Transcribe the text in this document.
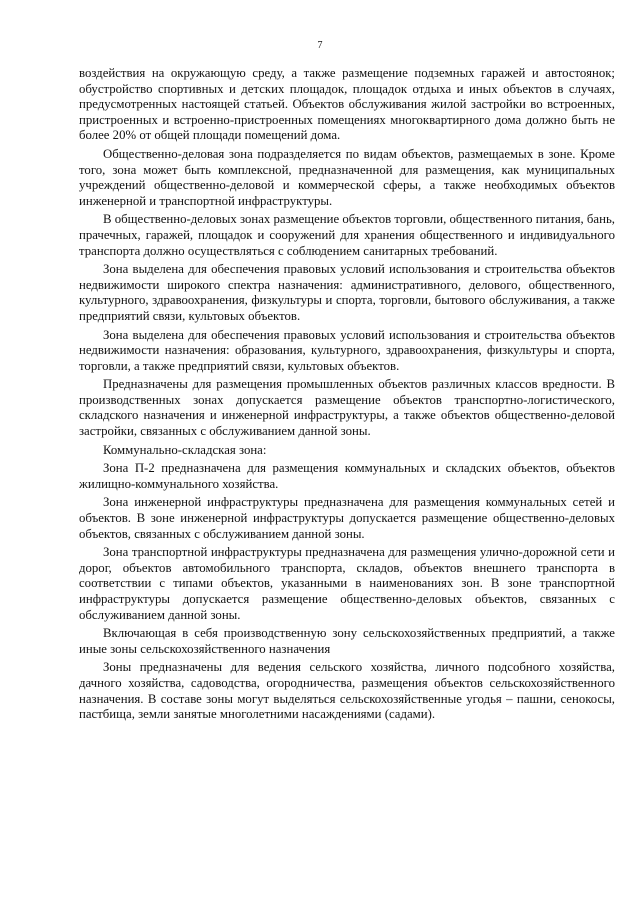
7

воздействия на окружающую среду, а также размещение подземных гаражей и автостоянок; обустройство спортивных и детских площадок, площадок отдыха и иных объектов в случаях, предусмотренных настоящей статьей. Объектов обслуживания жилой застройки во встроенных, пристроенных и встроенно-пристроенных помещениях многоквартирного дома должно быть не более 20% от общей площади помещений дома.

Общественно-деловая зона подразделяется по видам объектов, размещаемых в зоне. Кроме того, зона может быть комплексной, предназначенной для размещения, как муниципальных учреждений общественно-деловой и коммерческой сферы, а также необходимых объектов инженерной и транспортной инфраструктуры.

В общественно-деловых зонах размещение объектов торговли, общественного питания, бань, прачечных, гаражей, площадок и сооружений для хранения общественного и индивидуального транспорта должно осуществляться с соблюдением санитарных требований.

Зона выделена для обеспечения правовых условий использования и строительства объектов недвижимости широкого спектра назначения: административного, делового, общественного, культурного, здравоохранения, физкультуры и спорта, торговли, бытового обслуживания, а также предприятий связи, культовых объектов.

Зона выделена для обеспечения правовых условий использования и строительства объектов недвижимости назначения: образования, культурного, здравоохранения, физкультуры и спорта, торговли, а также предприятий связи, культовых объектов.

Предназначены для размещения промышленных объектов различных классов вредности. В производственных зонах допускается размещение объектов транспортно-логистического, складского назначения и инженерной инфраструктуры, а также объектов общественно-деловой застройки, связанных с обслуживанием данной зоны.

Коммунально-складская зона:

Зона П-2 предназначена для размещения коммунальных и складских объектов, объектов жилищно-коммунального хозяйства.

Зона инженерной инфраструктуры предназначена для размещения коммунальных сетей и объектов. В зоне инженерной инфраструктуры допускается размещение общественно-деловых объектов, связанных с обслуживанием данной зоны.

Зона транспортной инфраструктуры предназначена для размещения улично-дорожной сети и дорог, объектов автомобильного транспорта, складов, объектов внешнего транспорта в соответствии с типами объектов, указанными в наименованиях зон. В зоне транспортной инфраструктуры допускается размещение общественно-деловых объектов, связанных с обслуживанием данной зоны.

Включающая в себя производственную зону сельскохозяйственных предприятий, а также иные зоны сельскохозяйственного назначения

Зоны предназначены для ведения сельского хозяйства, личного подсобного хозяйства, дачного хозяйства, садоводства, огородничества, размещения объектов сельскохозяйственного назначения. В составе зоны могут выделяться сельскохозяйственные угодья – пашни, сенокосы, пастбища, земли занятые многолетними насаждениями (садами).
